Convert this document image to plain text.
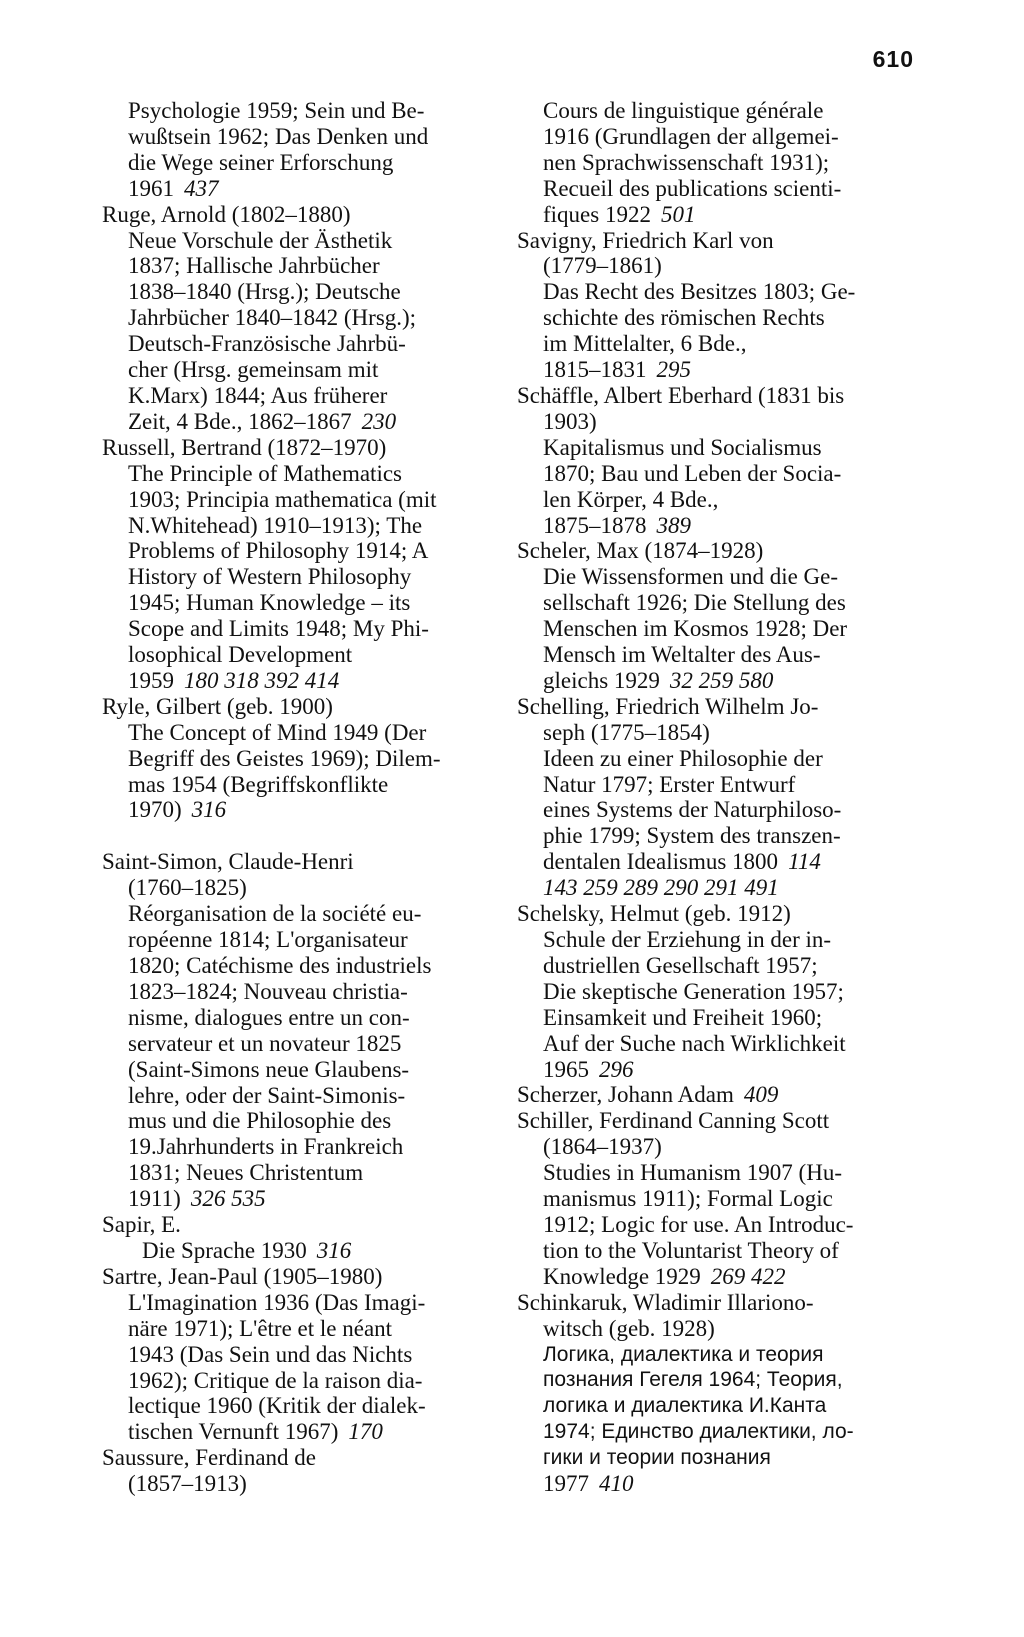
610
Psychologie 1959; Sein und Be-
wußtsein 1962; Das Denken und
die Wege seiner Erforschung
1961 437
Ruge, Arnold (1802–1880)
Neue Vorschule der Ästhetik
1837; Hallische Jahrbücher
1838–1840 (Hrsg.); Deutsche
Jahrbücher 1840–1842 (Hrsg.);
Deutsch-Französische Jahrbü-
cher (Hrsg. gemeinsam mit
K.Marx) 1844; Aus früherer
Zeit, 4 Bde., 1862–1867 230
Russell, Bertrand (1872–1970)
The Principle of Mathematics
1903; Principia mathematica (mit
N.Whitehead) 1910–1913); The
Problems of Philosophy 1914; A
History of Western Philosophy
1945; Human Knowledge – its
Scope and Limits 1948; My Phi-
losophical Development
1959 180 318 392 414
Ryle, Gilbert (geb. 1900)
The Concept of Mind 1949 (Der
Begriff des Geistes 1969); Dilem-
mas 1954 (Begriffskonflikte
1970) 316
Saint-Simon, Claude-Henri
(1760–1825)
Réorganisation de la société eu-
ropéenne 1814; L'organisateur
1820; Catéchisme des industriels
1823–1824; Nouveau christia-
nisme, dialogues entre un con-
servateur et un novateur 1825
(Saint-Simons neue Glaubens-
lehre, oder der Saint-Simonis-
mus und die Philosophie des
19.Jahrhunderts in Frankreich
1831; Neues Christentum
1911) 326 535
Sapir, E.
Die Sprache 1930 316
Sartre, Jean-Paul (1905–1980)
L'Imagination 1936 (Das Imagi-
näre 1971); L'être et le néant
1943 (Das Sein und das Nichts
1962); Critique de la raison dia-
lectique 1960 (Kritik der dialek-
tischen Vernunft 1967) 170
Saussure, Ferdinand de
(1857–1913)
Cours de linguistique générale
1916 (Grundlagen der allgemei-
nen Sprachwissenschaft 1931);
Recueil des publications scienti-
fiques 1922 501
Savigny, Friedrich Karl von
(1779–1861)
Das Recht des Besitzes 1803; Ge-
schichte des römischen Rechts
im Mittelalter, 6 Bde.,
1815–1831 295
Schäffle, Albert Eberhard (1831 bis
1903)
Kapitalismus und Socialismus
1870; Bau und Leben der Socia-
len Körper, 4 Bde.,
1875–1878 389
Scheler, Max (1874–1928)
Die Wissensformen und die Ge-
sellschaft 1926; Die Stellung des
Menschen im Kosmos 1928; Der
Mensch im Weltalter des Aus-
gleichs 1929 32 259 580
Schelling, Friedrich Wilhelm Jo-
seph (1775–1854)
Ideen zu einer Philosophie der
Natur 1797; Erster Entwurf
eines Systems der Naturphiloso-
phie 1799; System des transzen-
dentalen Idealismus 1800 114
143 259 289 290 291 491
Schelsky, Helmut (geb. 1912)
Schule der Erziehung in der in-
dustriellen Gesellschaft 1957;
Die skeptische Generation 1957;
Einsamkeit und Freiheit 1960;
Auf der Suche nach Wirklichkeit
1965 296
Scherzer, Johann Adam 409
Schiller, Ferdinand Canning Scott
(1864–1937)
Studies in Humanism 1907 (Hu-
manismus 1911); Formal Logic
1912; Logic for use. An Introduc-
tion to the Voluntarist Theory of
Knowledge 1929 269 422
Schinkaruk, Wladimir Illariono-
witsch (geb. 1928)
Логика, диалектика и теория
познания Гегеля 1964; Теория,
логика и диалектика И.Канта
1974; Единство диалектики, ло-
гики и теории познания
1977 410
